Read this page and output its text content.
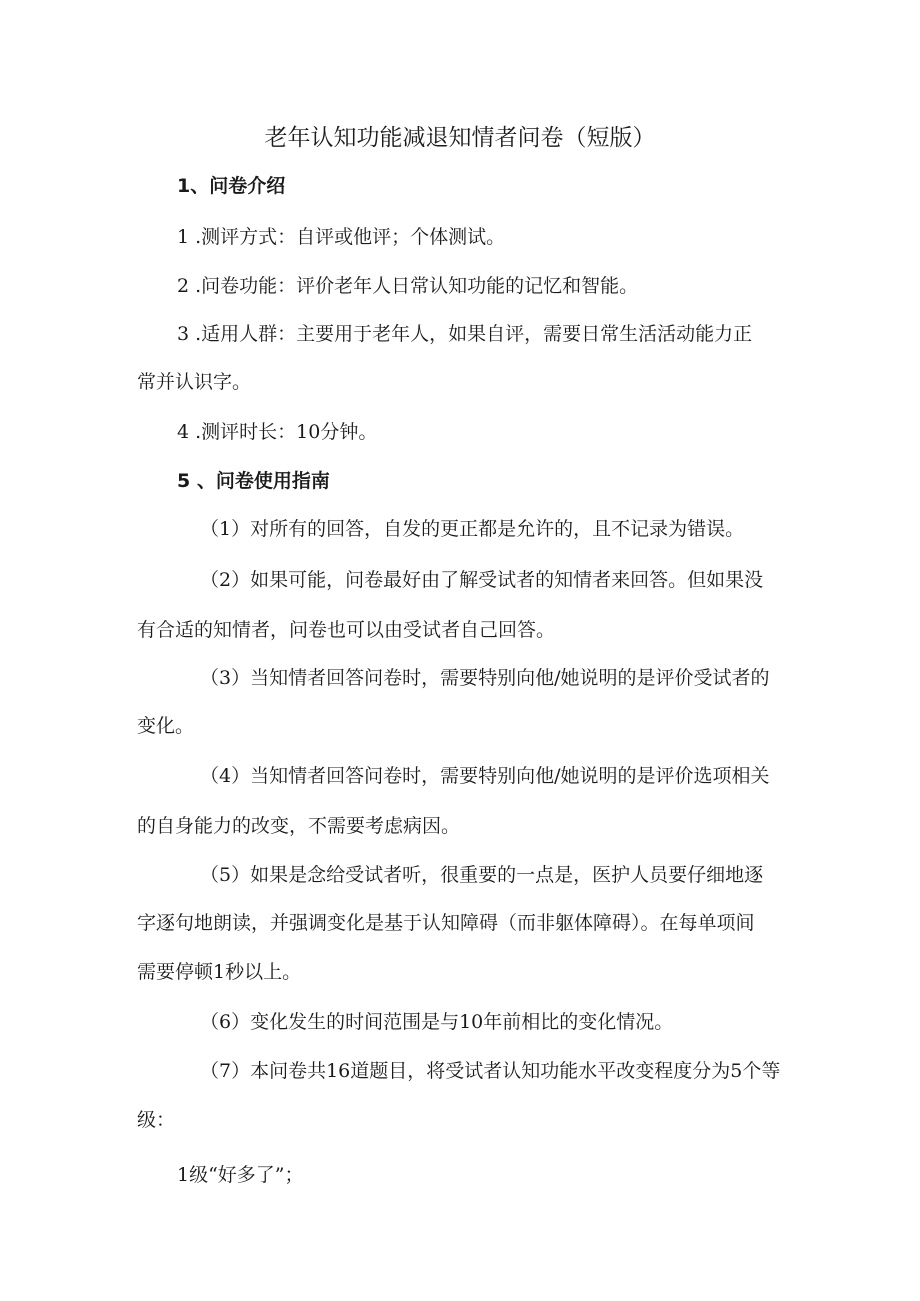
老年认知功能减退知情者问卷（短版）
1、问卷介绍
1 .测评方式：自评或他评；个体测试。
2 .问卷功能：评价老年人日常认知功能的记忆和智能。
3 .适用人群：主要用于老年人，如果自评，需要日常生活活动能力正
常并认识字。
4 .测评时长：10分钟。
5 、问卷使用指南
（1）对所有的回答，自发的更正都是允许的，且不记录为错误。
（2）如果可能，问卷最好由了解受试者的知情者来回答。但如果没
有合适的知情者，问卷也可以由受试者自己回答。
（3）当知情者回答问卷时，需要特别向他/她说明的是评价受试者的
变化。
（4）当知情者回答问卷时，需要特别向他/她说明的是评价选项相关
的自身能力的改变，不需要考虑病因。
（5）如果是念给受试者听，很重要的一点是，医护人员要仔细地逐
字逐句地朗读，并强调变化是基于认知障碍（而非躯体障碍）。在每单项间
需要停顿1秒以上。
（6）变化发生的时间范围是与10年前相比的变化情况。
（7）本问卷共16道题目，将受试者认知功能水平改变程度分为5个等
级：
1级“好多了”；
